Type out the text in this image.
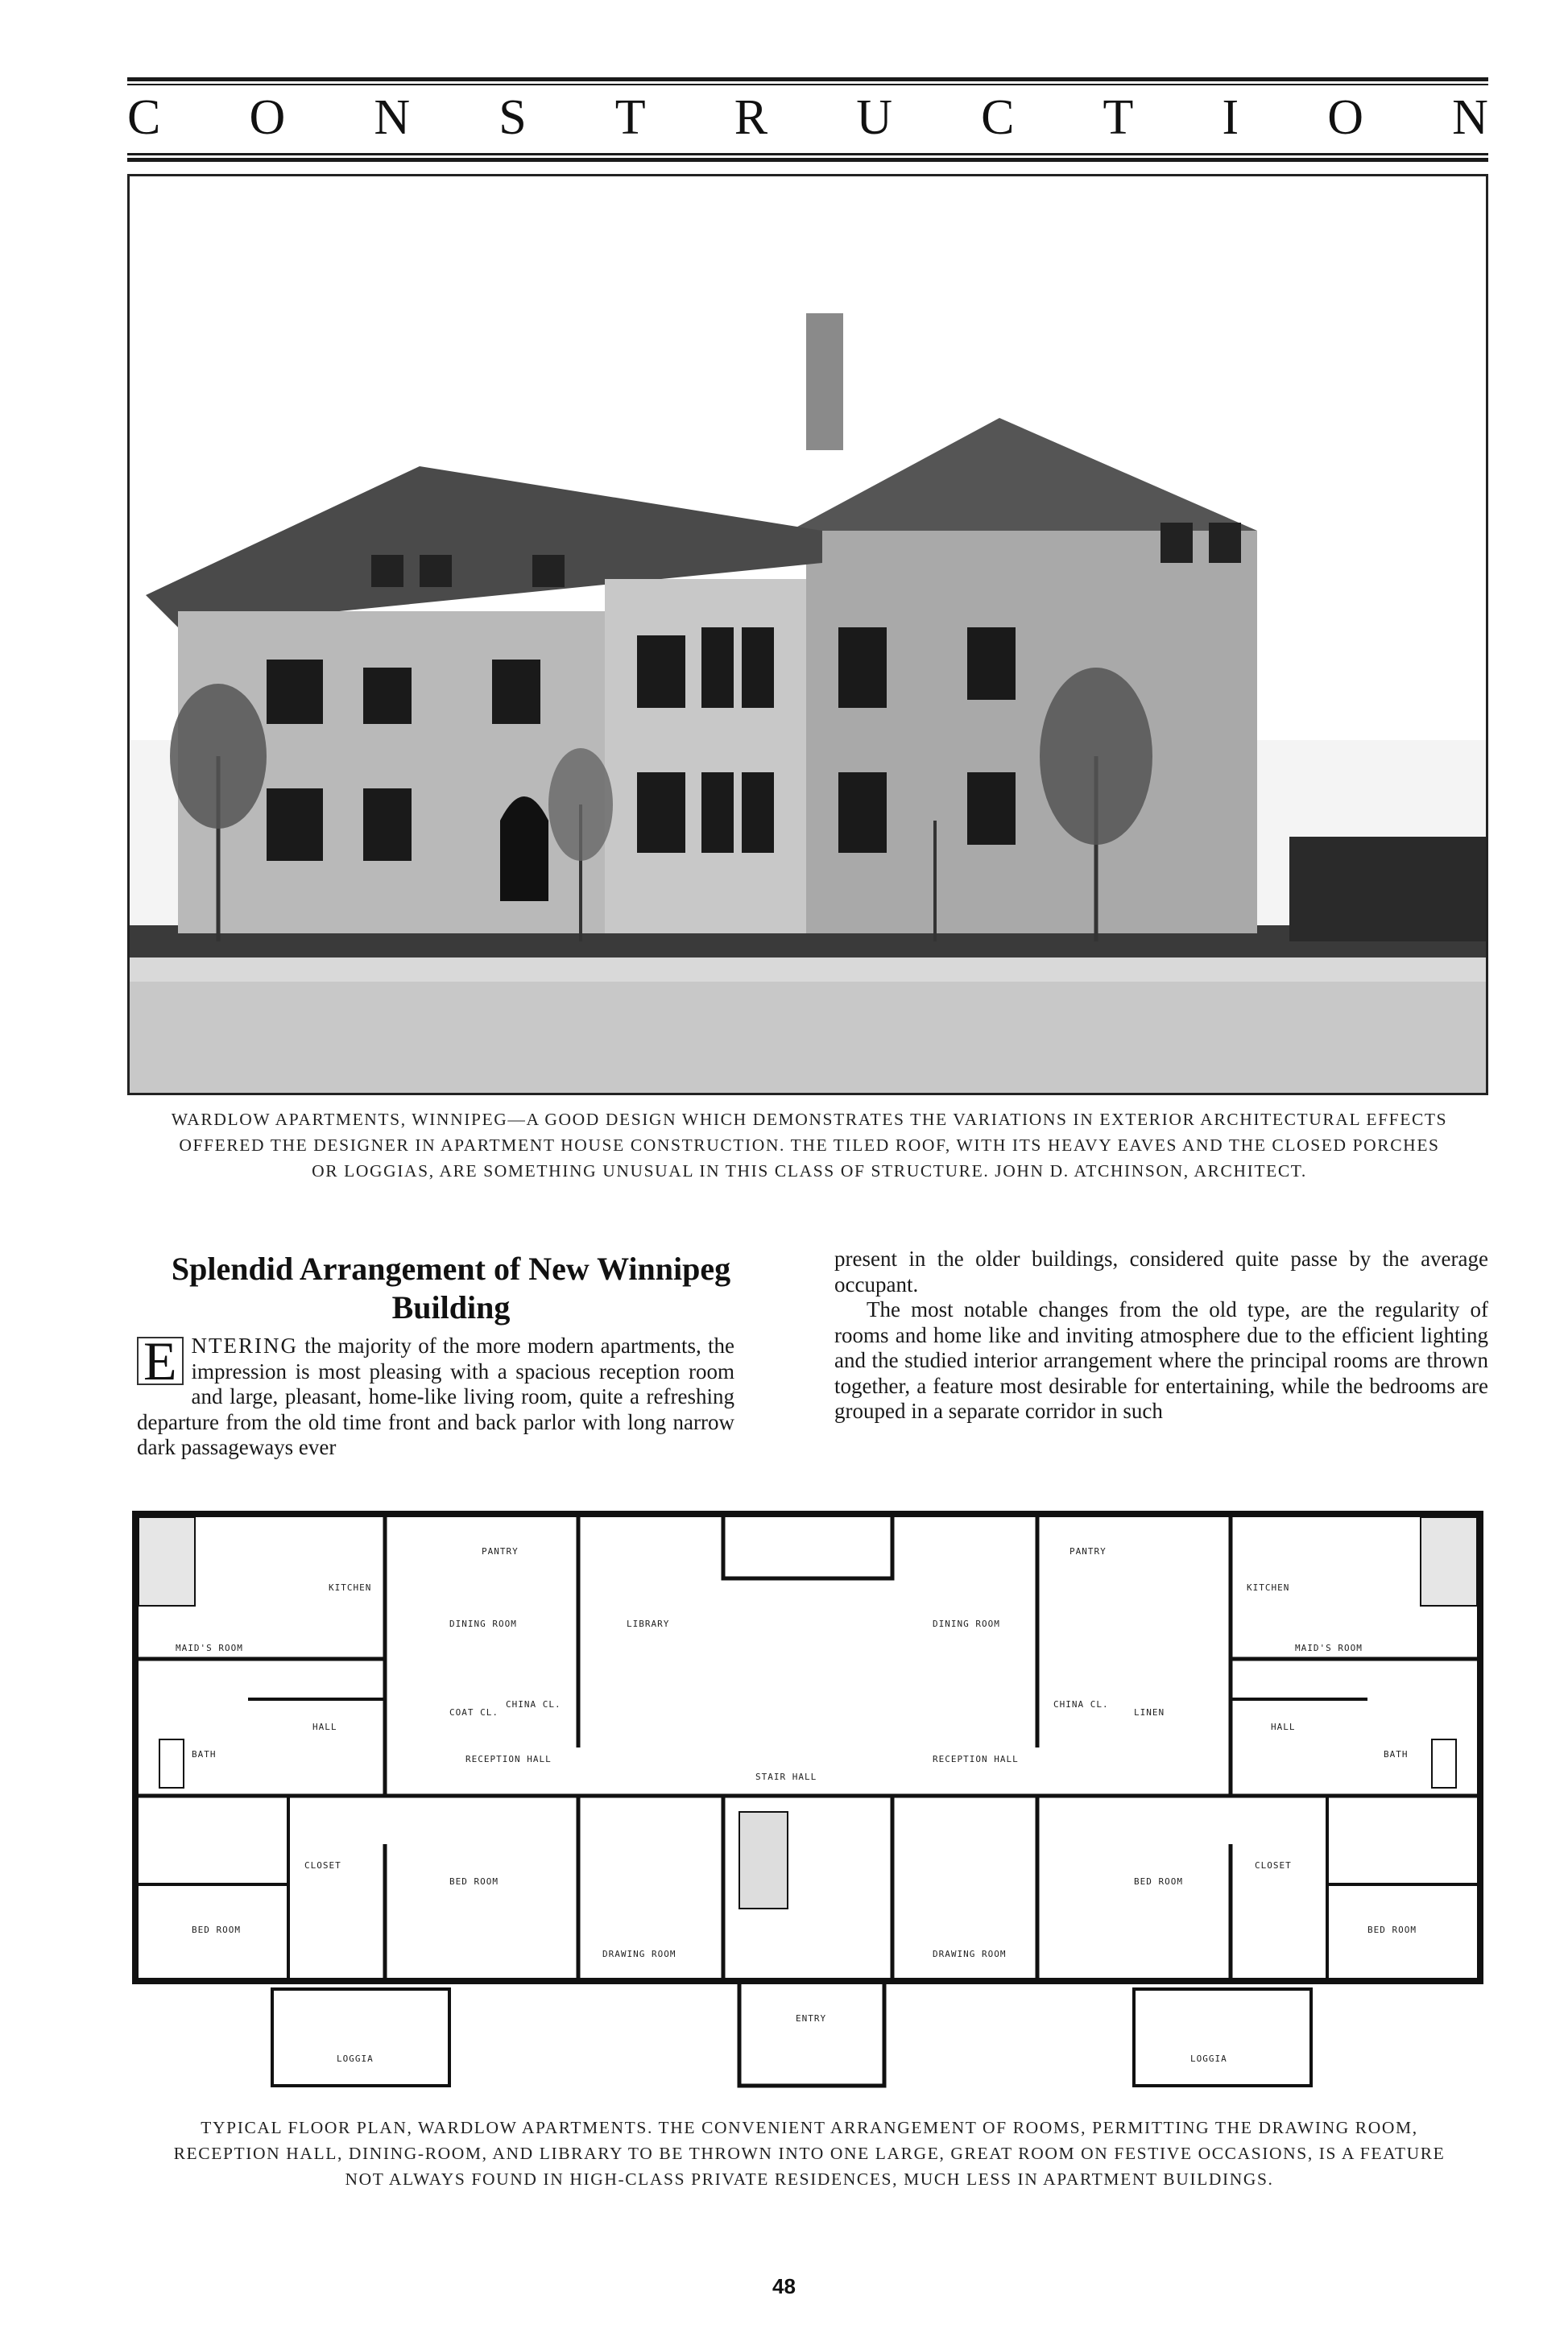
C O N S T R U C T I O N
WARDLOW APARTMENTS, WINNIPEG—A GOOD DESIGN WHICH DEMONSTRATES THE VARIATIONS IN EXTERIOR ARCHITECTURAL EFFECTS OFFERED THE DESIGNER IN APARTMENT HOUSE CONSTRUCTION. THE TILED ROOF, WITH ITS HEAVY EAVES AND THE CLOSED PORCHES OR LOGGIAS, ARE SOMETHING UNUSUAL IN THIS CLASS OF STRUCTURE. JOHN D. ATCHINSON, ARCHITECT.
Splendid Arrangement of New Winnipeg Building
E NTERING the majority of the more modern apartments, the impression is most pleasing with a spacious reception room and large, pleasant, home-like living room, quite a refreshing departure from the old time front and back parlor with long narrow dark passageways ever
present in the older buildings, considered quite passe by the average occupant.
The most notable changes from the old type, are the regularity of rooms and home like and inviting atmosphere due to the efficient lighting and the studied interior arrangement where the principal rooms are thrown together, a feature most desirable for entertaining, while the bedrooms are grouped in a separate corridor in such
KITCHEN	KITCHEN
MAID'S ROOM	MAID'S ROOM
DINING ROOM	DINING ROOM
LIBRARY
RECEPTION HALL	RECEPTION HALL
HALL	HALL
BATH	BATH
BED ROOM
BED ROOM	BED ROOM
BED ROOM
CLOSET	CLOSET
DRAWING ROOM	DRAWING ROOM
STAIR HALL
ENTRY
LOGGIA	LOGGIA
PANTRY	PANTRY
CHINA CL.	CHINA CL.
LINEN
COAT CL.
TYPICAL FLOOR PLAN, WARDLOW APARTMENTS. THE CONVENIENT ARRANGEMENT OF ROOMS, PERMITTING THE DRAWING ROOM, RECEPTION HALL, DINING-ROOM, AND LIBRARY TO BE THROWN INTO ONE LARGE, GREAT ROOM ON FESTIVE OCCASIONS, IS A FEATURE NOT ALWAYS FOUND IN HIGH-CLASS PRIVATE RESIDENCES, MUCH LESS IN APARTMENT BUILDINGS.
48
